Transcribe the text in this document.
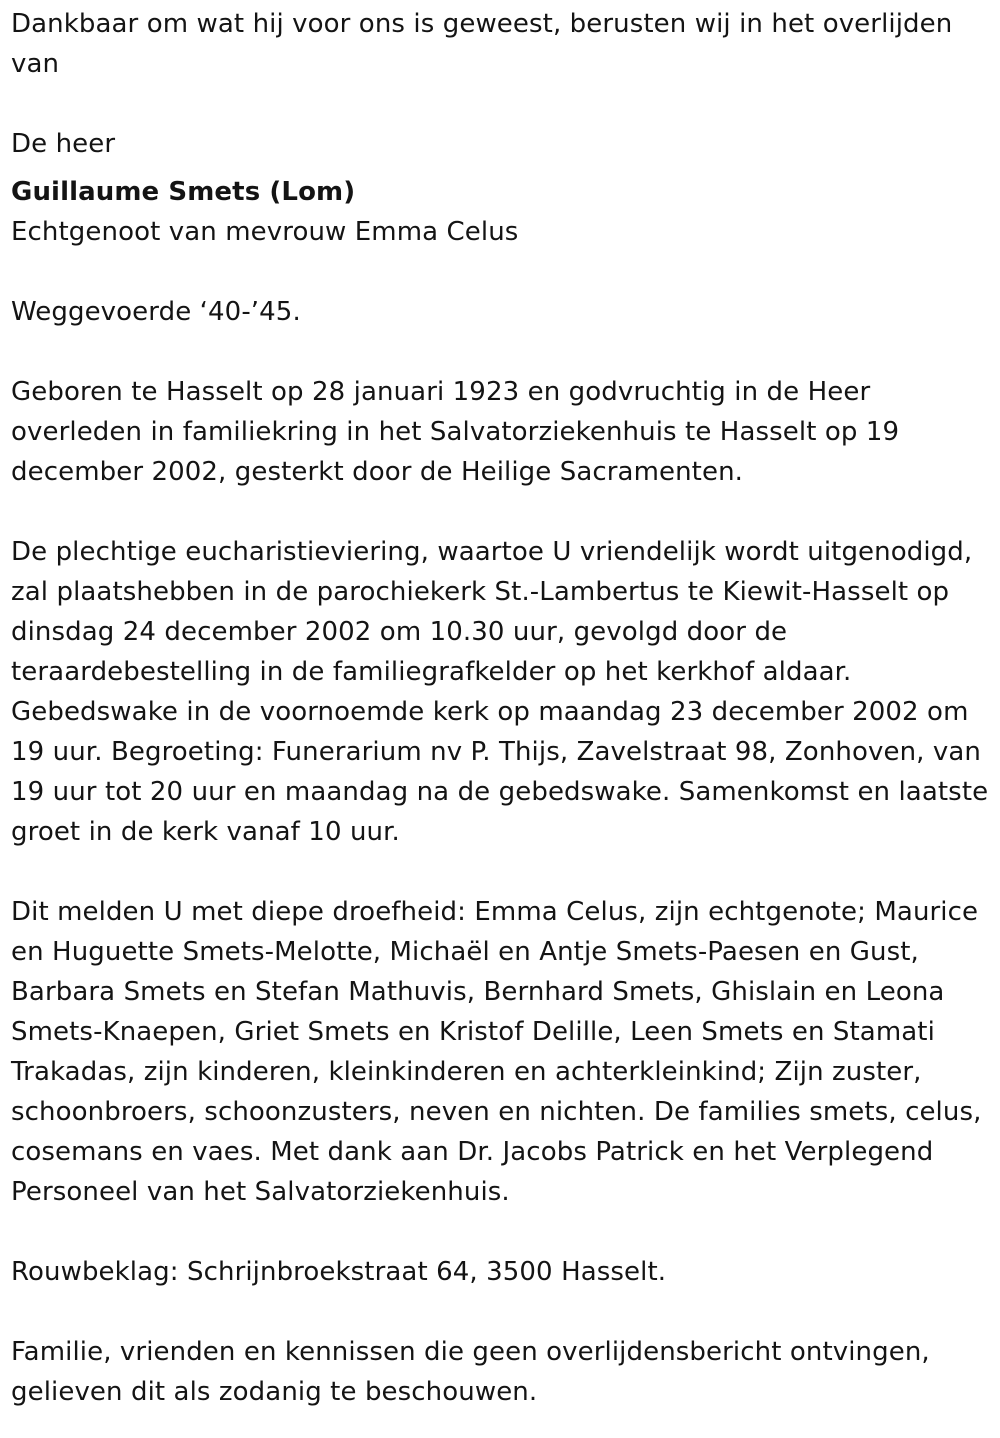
Dankbaar om wat hij voor ons is geweest, berusten wij in het overlijden van

De heer

Guillaume Smets (Lom)

Echtgenoot van mevrouw Emma Celus

Weggevoerde ‘40-’45.

Geboren te Hasselt op 28 januari 1923 en godvruchtig in de Heer overleden in familiekring in het Salvatorziekenhuis te Hasselt op 19 december 2002, gesterkt door de Heilige Sacramenten.

De plechtige eucharistieviering, waartoe U vriendelijk wordt uitgenodigd, zal plaatshebben in de parochiekerk St.-Lambertus te Kiewit-Hasselt op dinsdag 24 december 2002 om 10.30 uur, gevolgd door de teraardebestelling in de familiegrafkelder op het kerkhof aldaar. Gebedswake in de voornoemde kerk op maandag 23 december 2002 om 19 uur. Begroeting: Funerarium nv P. Thijs, Zavelstraat 98, Zonhoven, van 19 uur tot 20 uur en maandag na de gebedswake. Samenkomst en laatste groet in de kerk vanaf 10 uur.

Dit melden U met diepe droefheid: Emma Celus, zijn echtgenote; Maurice en Huguette Smets-Melotte, Michaël en Antje Smets-Paesen en Gust, Barbara Smets en Stefan Mathuvis, Bernhard Smets, Ghislain en Leona Smets-Knaepen, Griet Smets en Kristof Delille, Leen Smets en Stamati Trakadas, zijn kinderen, kleinkinderen en achterkleinkind; Zijn zuster, schoonbroers, schoonzusters, neven en nichten. De families smets, celus, cosemans en vaes. Met dank aan Dr. Jacobs Patrick en het Verplegend Personeel van het Salvatorziekenhuis.

Rouwbeklag: Schrijnbroekstraat 64, 3500 Hasselt.

Familie, vrienden en kennissen die geen overlijdensbericht ontvingen, gelieven dit als zodanig te beschouwen.
